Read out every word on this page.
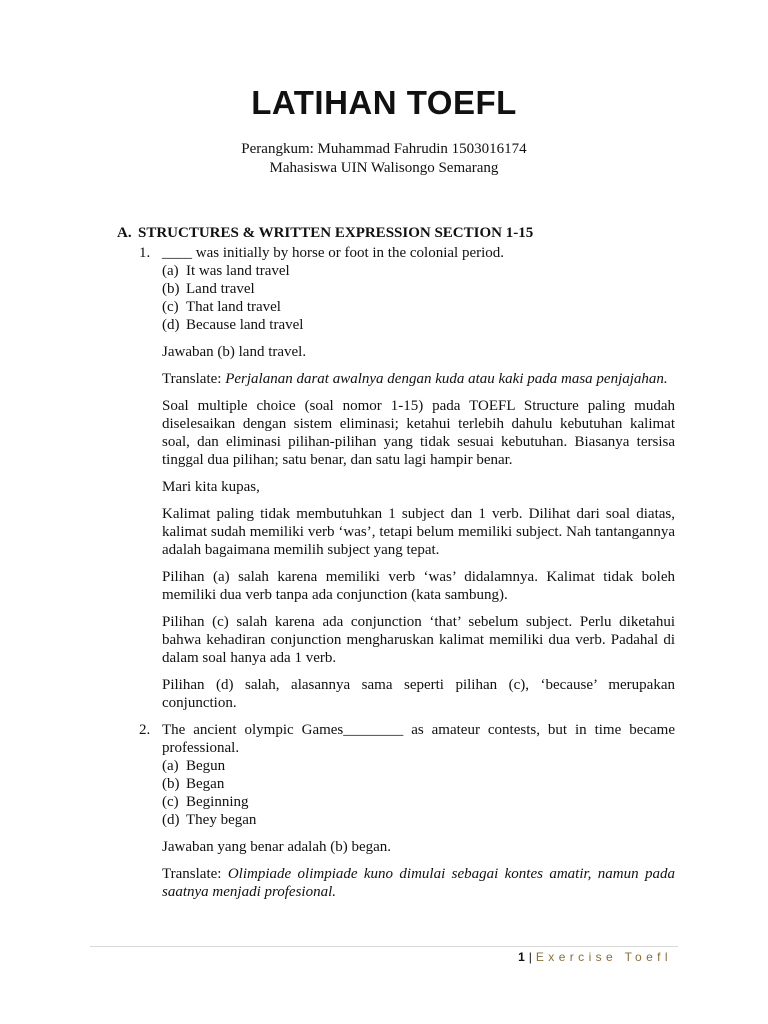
LATIHAN TOEFL
Perangkum: Muhammad Fahrudin 1503016174
Mahasiswa UIN Walisongo Semarang
A. STRUCTURES & WRITTEN EXPRESSION SECTION 1-15
1. ____ was initially by horse or foot in the colonial period.
(a) It was land travel
(b) Land travel
(c) That land travel
(d) Because land travel
Jawaban (b) land travel.
Translate: Perjalanan darat awalnya dengan kuda atau kaki pada masa penjajahan.
Soal multiple choice (soal nomor 1-15) pada TOEFL Structure paling mudah diselesaikan dengan sistem eliminasi; ketahui terlebih dahulu kebutuhan kalimat soal, dan eliminasi pilihan-pilihan yang tidak sesuai kebutuhan. Biasanya tersisa tinggal dua pilihan; satu benar, dan satu lagi hampir benar.
Mari kita kupas,
Kalimat paling tidak membutuhkan 1 subject dan 1 verb. Dilihat dari soal diatas, kalimat sudah memiliki verb ‘was’, tetapi belum memiliki subject. Nah tantangannya adalah bagaimana memilih subject yang tepat.
Pilihan (a) salah karena memiliki verb ‘was’ didalamnya. Kalimat tidak boleh memiliki dua verb tanpa ada conjunction (kata sambung).
Pilihan (c) salah karena ada conjunction ‘that’ sebelum subject. Perlu diketahui bahwa kehadiran conjunction mengharuskan kalimat memiliki dua verb. Padahal di dalam soal hanya ada 1 verb.
Pilihan (d) salah, alasannya sama seperti pilihan (c), ‘because’ merupakan conjunction.
2. The ancient olympic Games________ as amateur contests, but in time became professional.
(a) Begun
(b) Began
(c) Beginning
(d) They began
Jawaban yang benar adalah (b) began.
Translate: Olimpiade olimpiade kuno dimulai sebagai kontes amatir, namun pada saatnya menjadi profesional.
1 | Exercise Toefl
